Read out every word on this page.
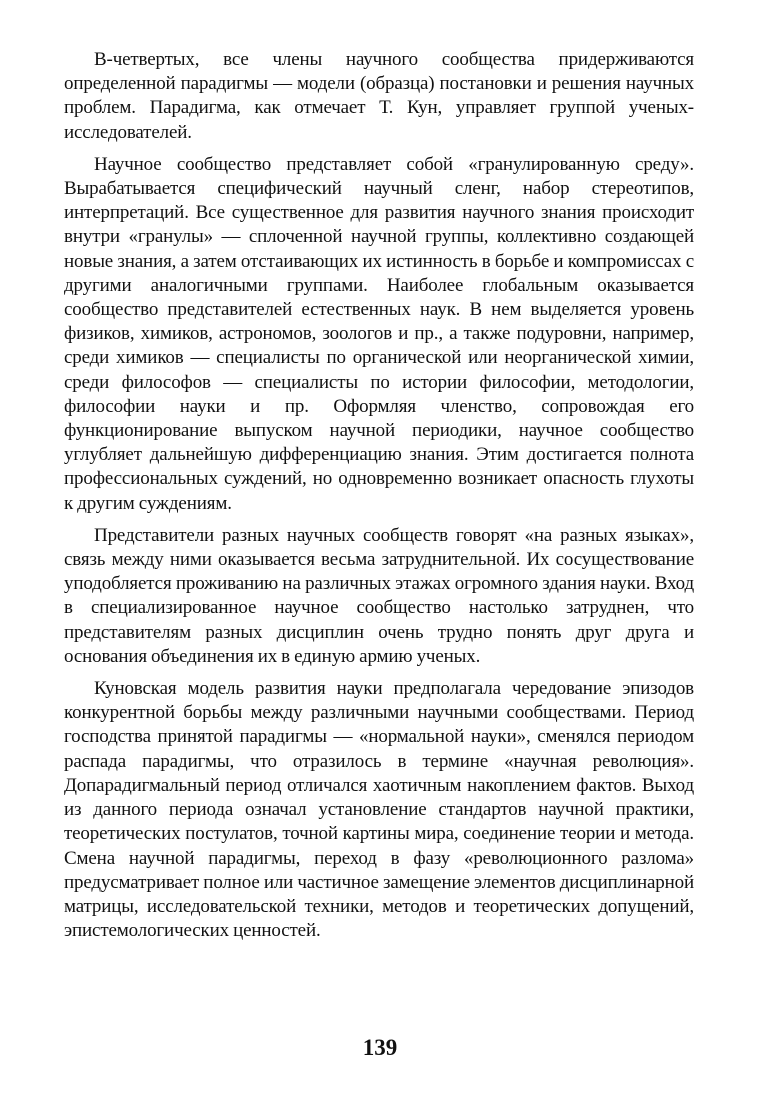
В-четвертых, все члены научного сообщества придерживаются определенной парадигмы — модели (образца) постановки и решения научных проблем. Парадигма, как отмечает Т. Кун, управляет группой ученых-исследователей.

Научное сообщество представляет собой «гранулированную среду». Вырабатывается специфический научный сленг, набор стереотипов, интерпретаций. Все существенное для развития научного знания происходит внутри «гранулы» — сплоченной научной группы, коллективно создающей новые знания, а затем отстаивающих их истинность в борьбе и компромиссах с другими аналогичными группами. Наиболее глобальным оказывается сообщество представителей естественных наук. В нем выделяется уровень физиков, химиков, астрономов, зоологов и пр., а также подуровни, например, среди химиков — специалисты по органической или неорганической химии, среди философов — специалисты по истории философии, методологии, философии науки и пр. Оформляя членство, сопровождая его функционирование выпуском научной периодики, научное сообщество углубляет дальнейшую дифференциацию знания. Этим достигается полнота профессиональных суждений, но одновременно возникает опасность глухоты к другим суждениям.

Представители разных научных сообществ говорят «на разных языках», связь между ними оказывается весьма затруднительной. Их сосуществование уподобляется проживанию на различных этажах огромного здания науки. Вход в специализированное научное сообщество настолько затруднен, что представителям разных дисциплин очень трудно понять друг друга и основания объединения их в единую армию ученых.

Куновская модель развития науки предполагала чередование эпизодов конкурентной борьбы между различными научными сообществами. Период господства принятой парадигмы — «нормальной науки», сменялся периодом распада парадигмы, что отразилось в термине «научная революция». Допарадигмальный период отличался хаотичным накоплением фактов. Выход из данного периода означал установление стандартов научной практики, теоретических постулатов, точной картины мира, соединение теории и метода. Смена научной парадигмы, переход в фазу «революционного разлома» предусматривает полное или частичное замещение элементов дисциплинарной матрицы, исследовательской техники, методов и теоретических допущений, эпистемологических ценностей.

139
